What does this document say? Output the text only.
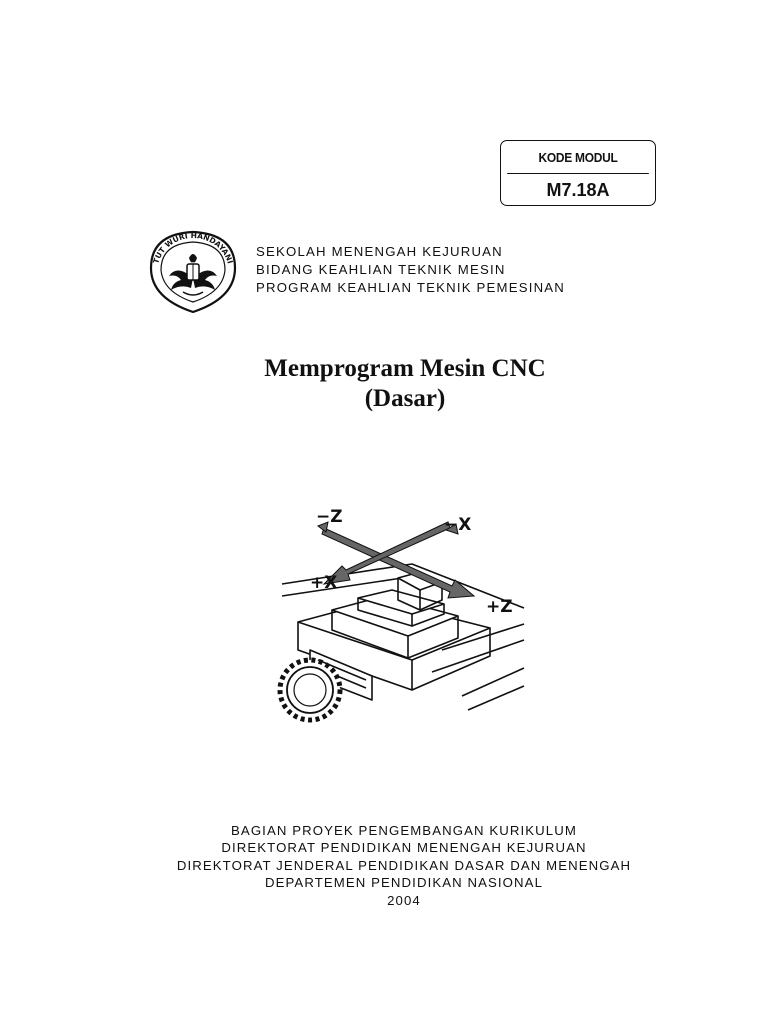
KODE MODUL
M7.18A
TUT WURI HANDAYANI
SEKOLAH MENENGAH KEJURUAN
BIDANG KEAHLIAN TEKNIK MESIN
PROGRAM KEAHLIAN TEKNIK PEMESINAN
Memprogram Mesin CNC
(Dasar)
−Z	−X
+X
+Z
BAGIAN PROYEK PENGEMBANGAN KURIKULUM
DIREKTORAT PENDIDIKAN MENENGAH KEJURUAN
DIREKTORAT JENDERAL PENDIDIKAN DASAR DAN MENENGAH
DEPARTEMEN PENDIDIKAN NASIONAL
2004
